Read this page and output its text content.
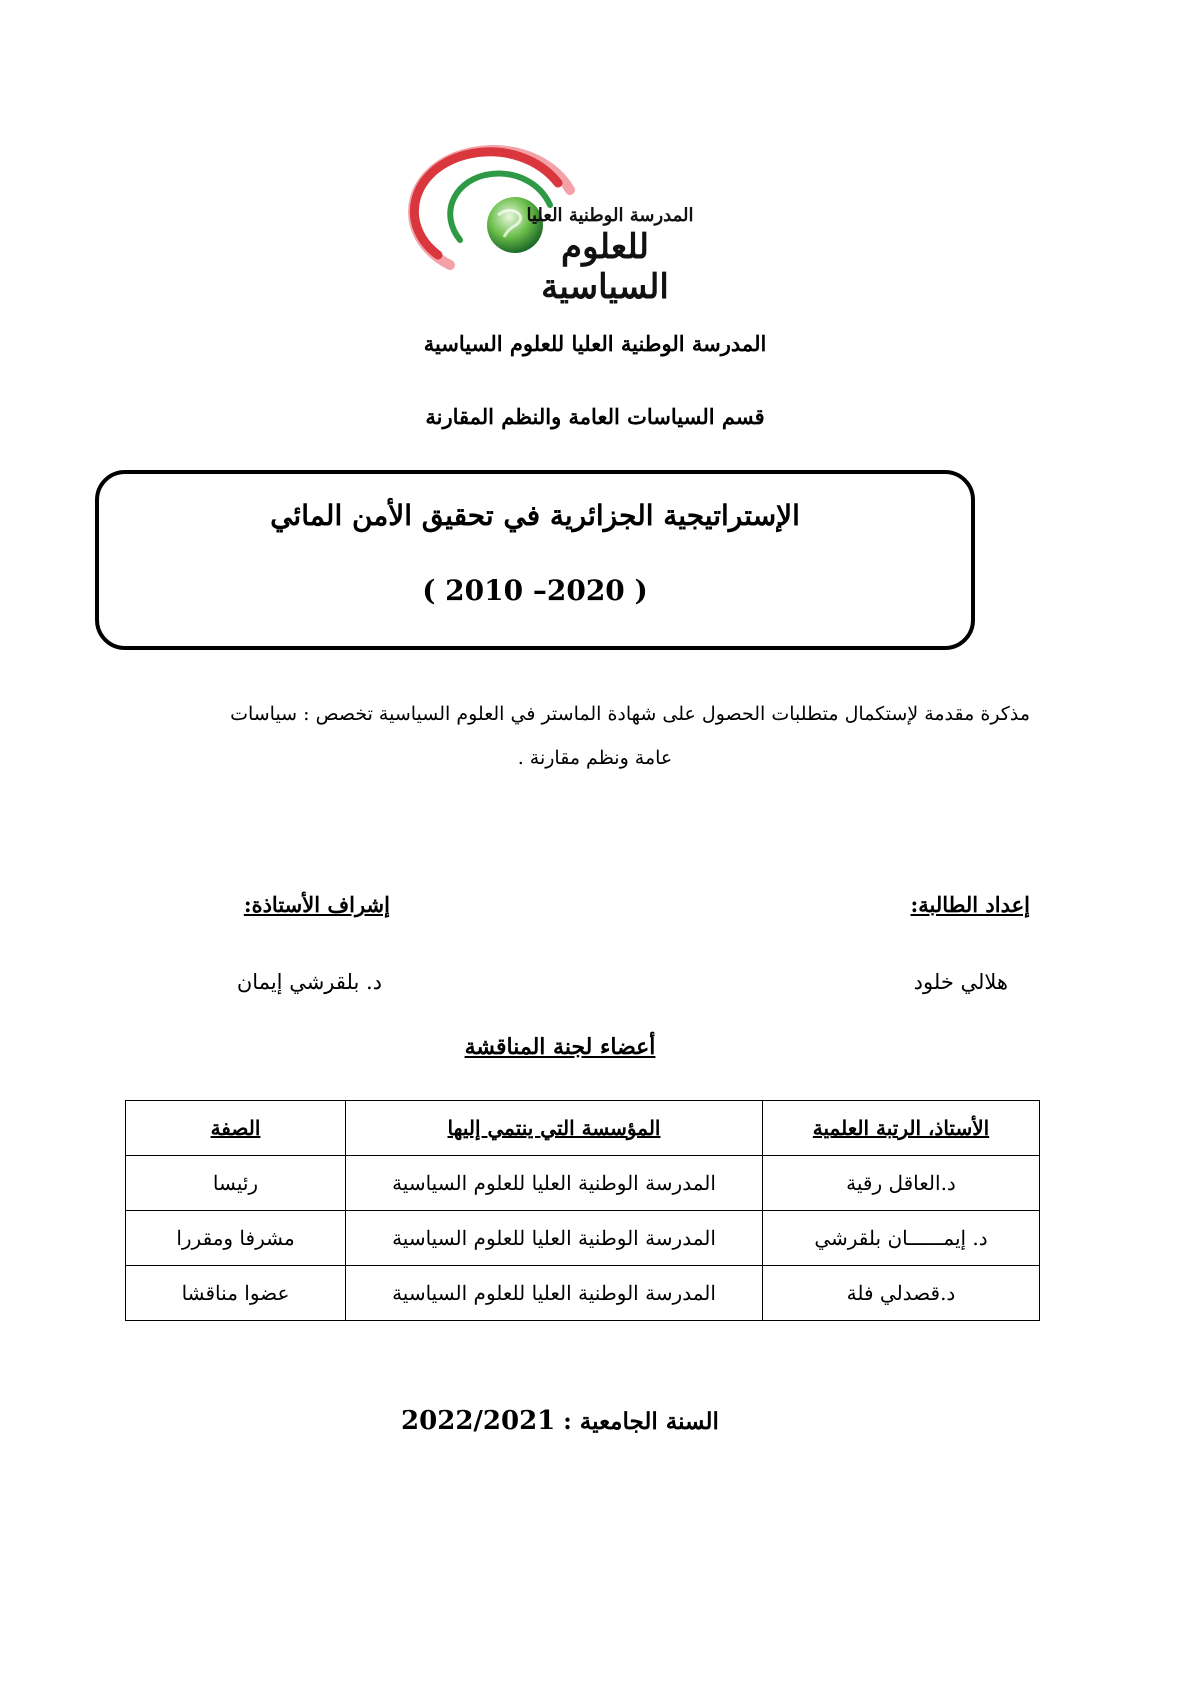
المدرسة الوطنية العليا
للعلوم السياسية
المدرسة الوطنية العليا للعلوم السياسية
قسم السياسات العامة والنظم المقارنة
الإستراتيجية الجزائرية في تحقيق الأمن المائي
( 2010 –2020 )
مذكرة مقدمة لإستكمال متطلبات الحصول على شهادة الماستر في العلوم السياسية تخصص : سياسات
عامة ونظم مقارنة .
إعداد الطالبة:
إشراف الأستاذة:
هلالي خلود
د. بلقرشي إيمان
أعضاء لجنة المناقشة
الأستاذ، الرتبة العلمية	المؤسسة التي ينتمي إليها	الصفة
د.العاقل رقية	المدرسة الوطنية العليا للعلوم السياسية	رئيسا
د. إيمــــــان بلقرشي	المدرسة الوطنية العليا للعلوم السياسية	مشرفا ومقررا
د.قصدلي فلة	المدرسة الوطنية العليا للعلوم السياسية	عضوا مناقشا
السنة الجامعية : 2022/2021
